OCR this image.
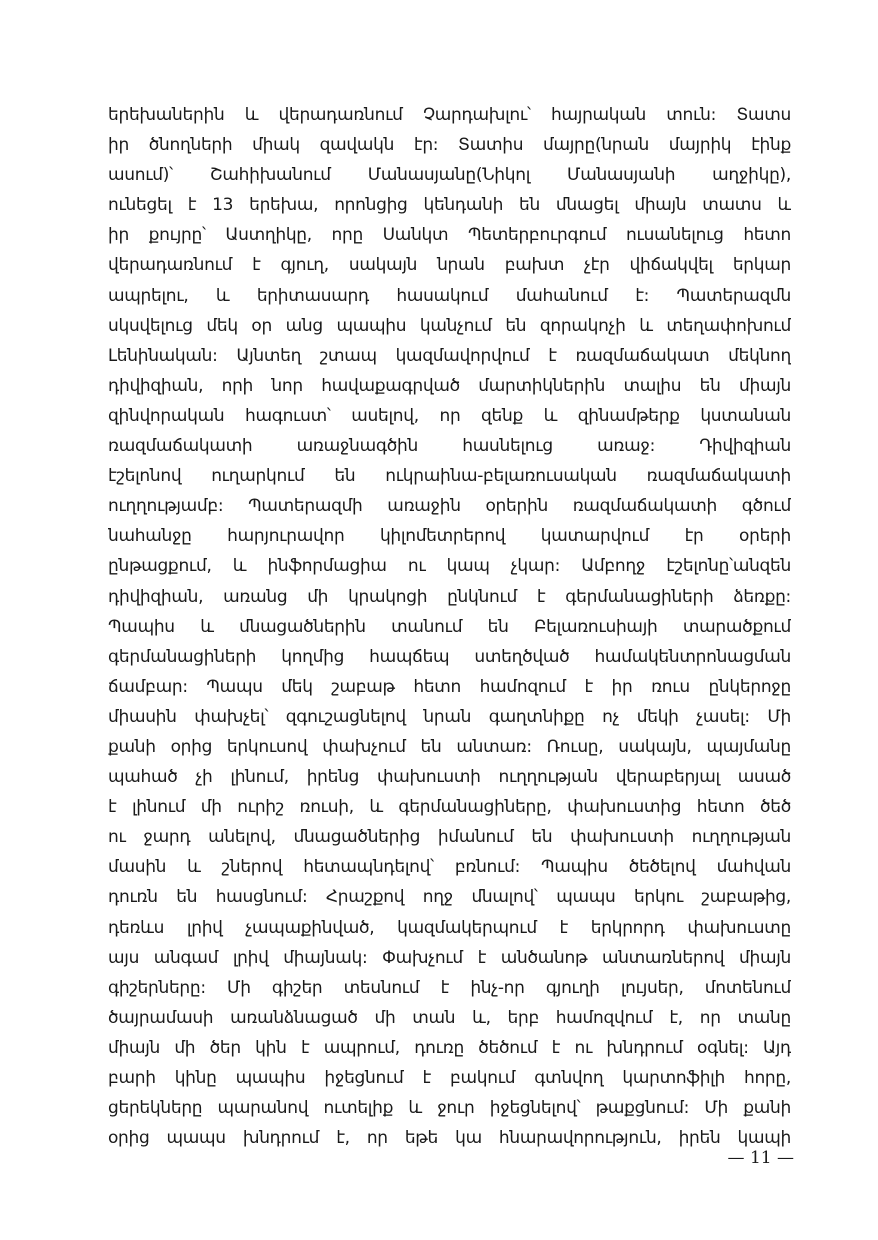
երեխաներին և վերադառնում Չարդախլու՝ հայրական տուն: Տատս
իր ծնողների միակ զավակն էր: Տատիս մայրը(նրան մայրիկ էինք
ասում)՝ Շահիխանում Մանասյանը(Նիկոլ Մանասյանի աղջիկը),
ունեցել է 13 երեխա, որոնցից կենդանի են մնացել միայն տատս և
իր քույրը՝ Աստղիկը, որը Սանկտ Պետերբուրգում ուսանելուց հետո
վերադառնում է գյուղ, սակայն նրան բախտ չէր վիճակվել երկար
ապրելու, և երիտասարդ հասակում մահանում է: Պատերազմն
սկսվելուց մեկ օր անց պապիս կանչում են զորակոչի և տեղափոխում
Լենինական: Այնտեղ շտապ կազմավորվում է ռազմաճակատ մեկնող
դիվիզիան, որի նոր հավաքագրված մարտիկներին տալիս են միայն
զինվորական հագուստ՝ ասելով, որ զենք և զինամթերք կստանան
ռազմաճակատի առաջնագծին հասնելուց առաջ: Դիվիզիան
էշելոնով ուղարկում են ուկրաինա-բելառուսական ռազմաճակատի
ուղղությամբ: Պատերազմի առաջին օրերին ռազմաճակատի գծում
նահանջը հարյուրավոր կիլոմետրերով կատարվում էր օրերի
ընթացքում, և ինֆորմացիա ու կապ չկար: Ամբողջ էշելոնը՝անզեն
դիվիզիան, առանց մի կրակոցի ընկնում է գերմանացիների ձեռքը:
Պապիս և մնացածներին տանում են Բելառուսիայի տարածքում
գերմանացիների կողմից հապճեպ ստեղծված համակենտրոնացման
ճամբար: Պապս մեկ շաբաթ հետո համոզում է իր ռուս ընկերոջը
միասին փախչել՝ զգուշացնելով նրան գաղտնիքը ոչ մեկի չասել: Մի
քանի օրից երկուսով փախչում են անտառ: Ռուսը, սակայն, պայմանը
պահած չի լինում, իրենց փախուստի ուղղության վերաբերյալ ասած
է լինում մի ուրիշ ռուսի, և գերմանացիները, փախուստից հետո ծեծ
ու ջարդ անելով, մնացածներից իմանում են փախուստի ուղղության
մասին և շներով հետապնդելով՝ բռնում: Պապիս ծեծելով մահվան
դուռն են հասցնում: Հրաշքով ողջ մնալով՝ պապս երկու շաբաթից,
դեռևս լրիվ չապաքինված, կազմակերպում է երկրորդ փախուստը
այս անգամ լրիվ միայնակ: Փախչում է անծանոթ անտառներով միայն
գիշերները: Մի գիշեր տեսնում է ինչ-որ գյուղի լույսեր, մոտենում
ծայրամասի առանձնացած մի տան և, երբ համոզվում է, որ տանը
միայն մի ծեր կին է ապրում, դուռը ծեծում է ու խնդրում օգնել: Այդ
բարի կինը պապիս իջեցնում է բակում գտնվող կարտոֆիլի հորը,
ցերեկները պարանով ուտելիք և ջուր իջեցնելով՝ թաքցնում: Մի քանի
օրից պապս խնդրում է, որ եթե կա հնարավորություն, իրեն կապի
— 11 —
